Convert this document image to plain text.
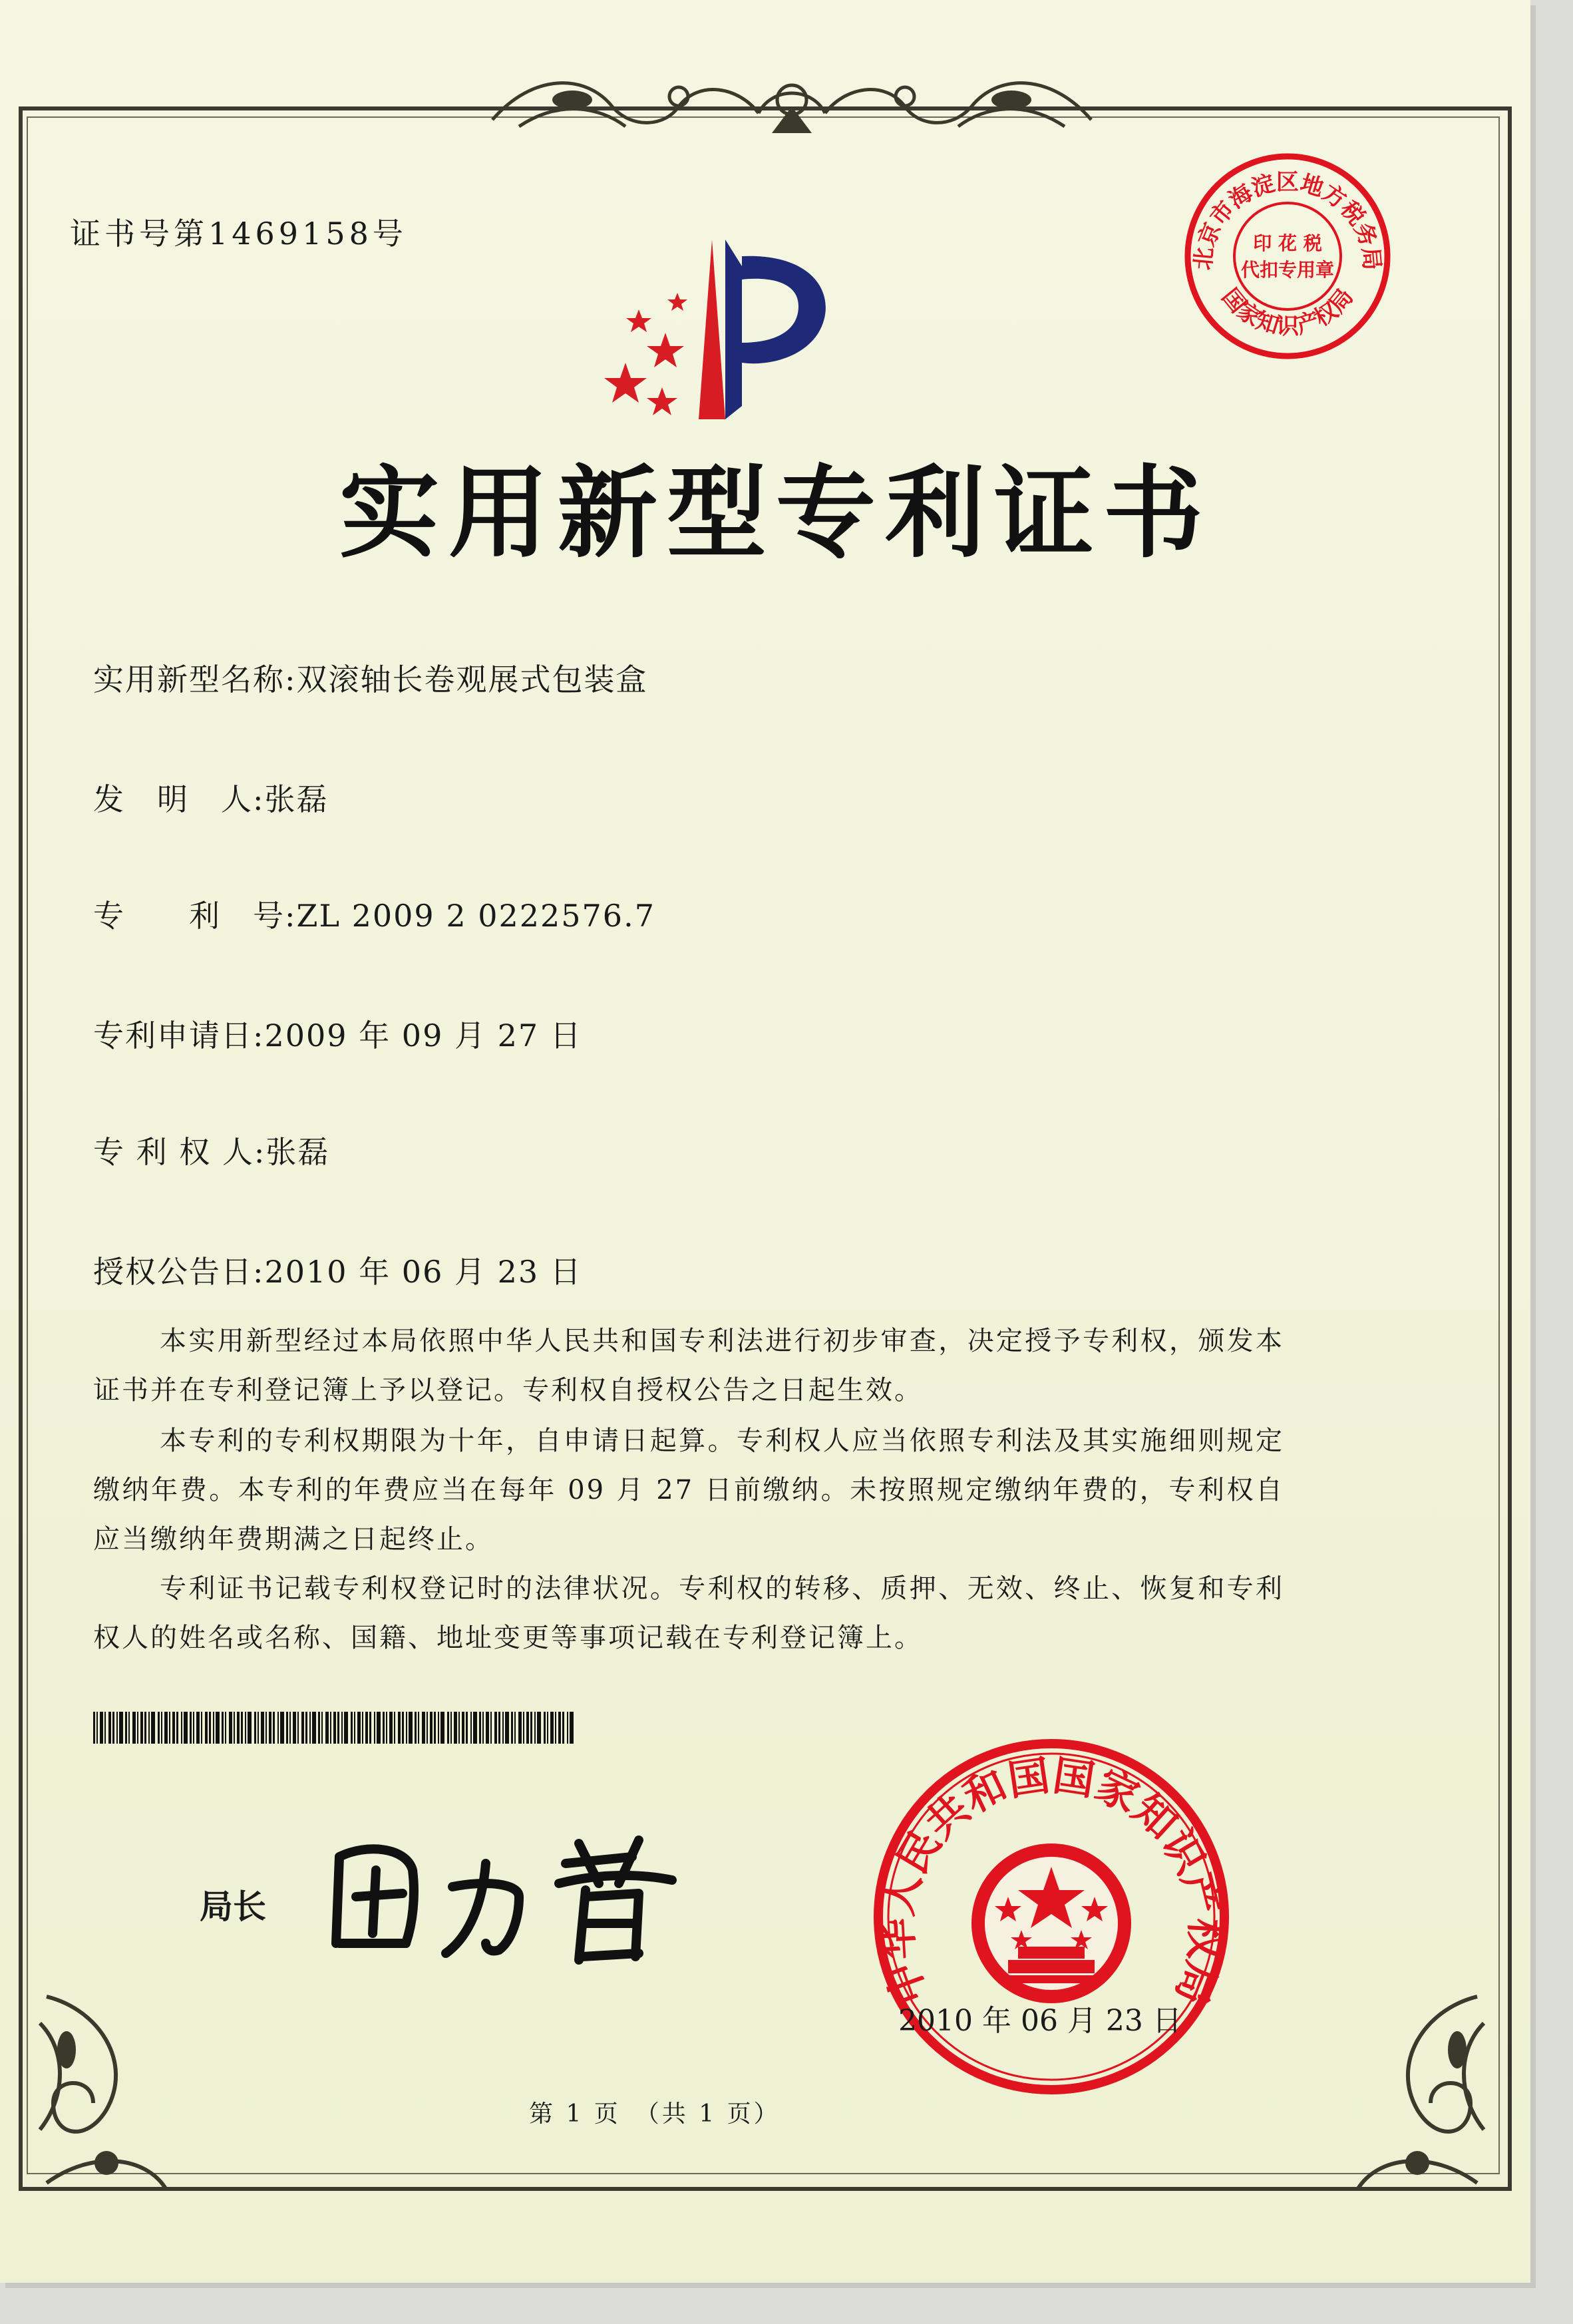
证书号第1469158号
北京市海淀区地方税务局
国家知识产权局
印 花 税
代扣专用章
实用新型专利证书
实用新型名称:双滚轴长卷观展式包装盒
发　明　人:张磊
专　　利　号:ZL 2009 2 0222576.7
专利申请日:2009 年 09 月 27 日
专 利 权 人:张磊
授权公告日:2010 年 06 月 23 日
本实用新型经过本局依照中华人民共和国专利法进行初步审查，决定授予专利权，颁发本证书并在专利登记簿上予以登记。专利权自授权公告之日起生效。
本专利的专利权期限为十年，自申请日起算。专利权人应当依照专利法及其实施细则规定缴纳年费。本专利的年费应当在每年 09 月 27 日前缴纳。未按照规定缴纳年费的，专利权自应当缴纳年费期满之日起终止。
专利证书记载专利权登记时的法律状况。专利权的转移、质押、无效、终止、恢复和专利权人的姓名或名称、国籍、地址变更等事项记载在专利登记簿上。
局长
中华人民共和国国家知识产权局
2010 年 06 月 23 日
第 1 页　（共 1 页）
